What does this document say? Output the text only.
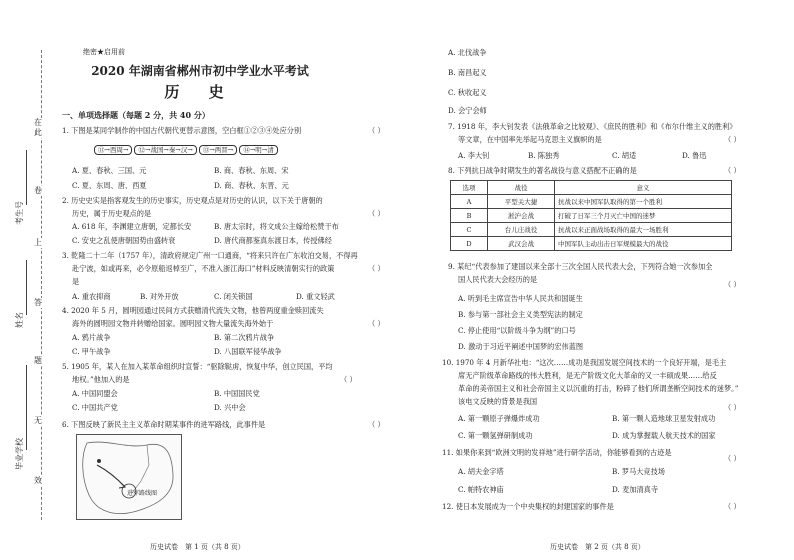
在
此
卷
上
答
题
无
效
考生号
姓名
毕业学校
绝密★启用前
2020 年湖南省郴州市初中学业水平考试
历 史
一、单项选择题（每题 2 分，共 40 分）
1. 下图是某同学制作的中国古代朝代更替示意图，空白框①②③④处应分别	（ ）
⑪→西周→ ⑫→战国→秦→汉→ ⑬→两晋→ ⑭→明→清
A. 夏、春秋、三国、元	B. 商、春秋、东周、宋
C. 夏、东周、唐、西夏	D. 商、春秋、东晋、元
2. 历史史实是指客观发生的历史事实，历史观点是对历史的认识，以下关于唐朝的
（ ）
历史，属于历史观点的是
A. 618 年，李渊建立唐朝，定都长安	B. 唐太宗时，将文成公主嫁给松赞干布
C. 安史之乱使唐朝国势由盛转衰	D. 唐代商都鉴真东渡日本，传授佛经
3. 乾隆二十二年（1757 年），清政府规定广州一口通商，“将来只许在广东收泊交易，不得再
赴宁波，如或再来，必令原船返棹至广，不准入浙江海口”材料反映清朝实行的政策	（ ）
是
A. 重农抑商	B. 对外开放	C. 闭关锁国	D. 重文轻武
4. 2020 年 5 月，圆明园通过民间方式获赠清代流失文物，他曾两度重金赎回流失
海外的圆明园文物并转赠给国家。圆明园文物大量流失海外始于	（ ）
A. 鸦片战争	B. 第二次鸦片战争
C. 甲午战争	D. 八国联军侵华战争
5. 1905 年，某人在加入某革命组织时宣誓：“驱除鞑虏，恢复中华，创立民国，平均
地权。”他加入的是	（ ）
A. 中国同盟会	B. 中国国民党
C. 中国共产党	D. 兴中会
6. 下图反映了新民主主义革命时期某事件的进军路线，此事件是	（ ）
进军路线图
历史试卷　第 1 页（共 8 页）
A. 北伐战争
B. 南昌起义
C. 秋收起义
D. 会宁会师
7. 1918 年，李大钊发表《法俄革命之比较观》、《庶民的胜利》和《布尔什维主义的胜利》
等文章，在中国率先举起马克思主义旗帜的是	（ ）
A. 李大钊	B. 陈独秀	C. 胡适	D. 鲁迅
8. 下列抗日战争时期发生的著名战役与意义搭配不正确的是	（ ）
选项	战役	意义
A	平型关大捷	抗战以来中国军队取得的第一个胜利
B	淞沪会战	打破了日军三个月灭亡中国的迷梦
C	台儿庄战役	抗战以来正面战场取得的最大一场胜利
D	武汉会战	中国军队主动出击日军规模最大的战役
9. 某纪“代表参加了建国以来全部十三次全国人民代表大会，下列符合她一次参加全
国人民代表大会经历的是
（ ）
A. 听到毛主席宣告中华人民共和国诞生
B. 参与第一部社会主义类型宪法的制定
C. 停止使用“以阶级斗争为纲”的口号
D. 激动于习近平阐述中国梦的宏伟蓝图
10. 1970 年 4 月新华社电：“这次……成功是我国发展空间技术的一个良好开端，是毛主
席无产阶级革命路线的伟大胜利，是无产阶级文化大革命的又一丰硕成果……给反
革命的美帝国主义和社会帝国主义以沉重的打击，粉碎了他们所谓垄断空间技术的迷梦。”
该电文反映的背景是我国
（ ）
A. 第一颗原子弹爆炸成功	B. 第一颗人造地球卫星发射成功
C. 第一颗氢弹研制成功	D. 成为掌握载人航天技术的国家
11. 如果你来到“欧洲文明的发祥地”进行研学活动，你能够看到的古迹是
（ ）
A. 胡夫金字塔	B. 罗马大竞技场
C. 帕特农神庙	D. 麦加清真寺
12. 使日本发展成为一个中央集权的封建国家的事件是	（ ）
历史试卷　第 2 页（共 8 页）
